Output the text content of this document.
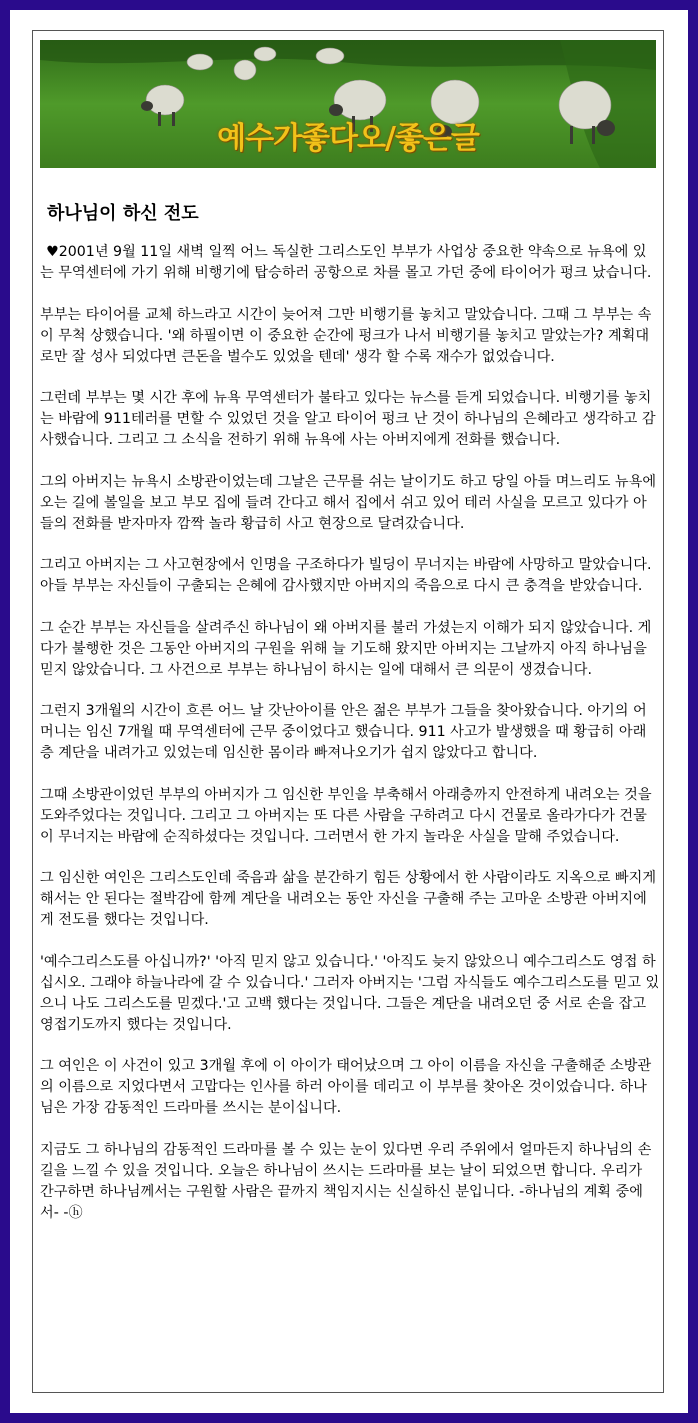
예수가좋다오/좋은글
하나님이 하신 전도

♥2001년 9월 11일 새벽 일찍 어느 독실한 그리스도인 부부가 사업상 중요한 약속으로 뉴욕에 있는 무역센터에 가기 위해 비행기에 탑승하러 공항으로 차를 몰고 가던 중에 타이어가 펑크 났습니다.

부부는 타이어를 교체 하느라고 시간이 늦어져 그만 비행기를 놓치고 말았습니다. 그때 그 부부는 속이 무척 상했습니다. '왜 하필이면 이 중요한 순간에 펑크가 나서 비행기를 놓치고 말았는가? 계획대로만 잘 성사 되었다면 큰돈을 벌수도 있었을 텐데' 생각 할 수록 재수가 없었습니다.

그런데 부부는 몇 시간 후에 뉴욕 무역센터가 불타고 있다는 뉴스를 듣게 되었습니다. 비행기를 놓치는 바람에 911테러를 면할 수 있었던 것을 알고 타이어 펑크 난 것이 하나님의 은혜라고 생각하고 감사했습니다. 그리고 그 소식을 전하기 위해 뉴욕에 사는 아버지에게 전화를 했습니다.

그의 아버지는 뉴욕시 소방관이었는데 그날은 근무를 쉬는 날이기도 하고 당일 아들 며느리도 뉴욕에 오는 길에 볼일을 보고 부모 집에 들려 간다고 해서 집에서 쉬고 있어 테러 사실을 모르고 있다가 아들의 전화를 받자마자 깜짝 놀라 황급히 사고 현장으로 달려갔습니다.

그리고 아버지는 그 사고현장에서 인명을 구조하다가 빌딩이 무너지는 바람에 사망하고 말았습니다. 아들 부부는 자신들이 구출되는 은혜에 감사했지만 아버지의 죽음으로 다시 큰 충격을 받았습니다.

그 순간 부부는 자신들을 살려주신 하나님이 왜 아버지를 불러 가셨는지 이해가 되지 않았습니다. 게다가 불행한 것은 그동안 아버지의 구원을 위해 늘 기도해 왔지만 아버지는 그날까지 아직 하나님을 믿지 않았습니다. 그 사건으로 부부는 하나님이 하시는 일에 대해서 큰 의문이 생겼습니다.

그런지 3개월의 시간이 흐른 어느 날 갓난아이를 안은 젊은 부부가 그들을 찾아왔습니다. 아기의 어머니는 임신 7개월 때 무역센터에 근무 중이었다고 했습니다. 911 사고가 발생했을 때 황급히 아래층 계단을 내려가고 있었는데 임신한 몸이라 빠져나오기가 쉽지 않았다고 합니다.

그때 소방관이었던 부부의 아버지가 그 임신한 부인을 부축해서 아래층까지 안전하게 내려오는 것을 도와주었다는 것입니다. 그리고 그 아버지는 또 다른 사람을 구하려고 다시 건물로 올라가다가 건물이 무너지는 바람에 순직하셨다는 것입니다. 그러면서 한 가지 놀라운 사실을 말해 주었습니다.

그 임신한 여인은 그리스도인데 죽음과 삶을 분간하기 힘든 상황에서 한 사람이라도 지옥으로 빠지게 해서는 안 된다는 절박감에 함께 계단을 내려오는 동안 자신을 구출해 주는 고마운 소방관 아버지에게 전도를 했다는 것입니다.

'예수그리스도를 아십니까?' '아직 믿지 않고 있습니다.' '아직도 늦지 않았으니 예수그리스도 영접 하십시오. 그래야 하늘나라에 갈 수 있습니다.' 그러자 아버지는 '그럼 자식들도 예수그리스도를 믿고 있으니 나도 그리스도를 믿겠다.'고 고백 했다는 것입니다. 그들은 계단을 내려오던 중 서로 손을 잡고 영접기도까지 했다는 것입니다.

그 여인은 이 사건이 있고 3개월 후에 이 아이가 태어났으며 그 아이 이름을 자신을 구출해준 소방관의 이름으로 지었다면서 고맙다는 인사를 하러 아이를 데리고 이 부부를 찾아온 것이었습니다. 하나님은 가장 감동적인 드라마를 쓰시는 분이십니다.

지금도 그 하나님의 감동적인 드라마를 볼 수 있는 눈이 있다면 우리 주위에서 얼마든지 하나님의 손길을 느낄 수 있을 것입니다. 오늘은 하나님이 쓰시는 드라마를 보는 날이 되었으면 합니다. 우리가 간구하면 하나님께서는 구원할 사람은 끝까지 책임지시는 신실하신 분입니다. -하나님의 계획 중에서- -ⓗ
